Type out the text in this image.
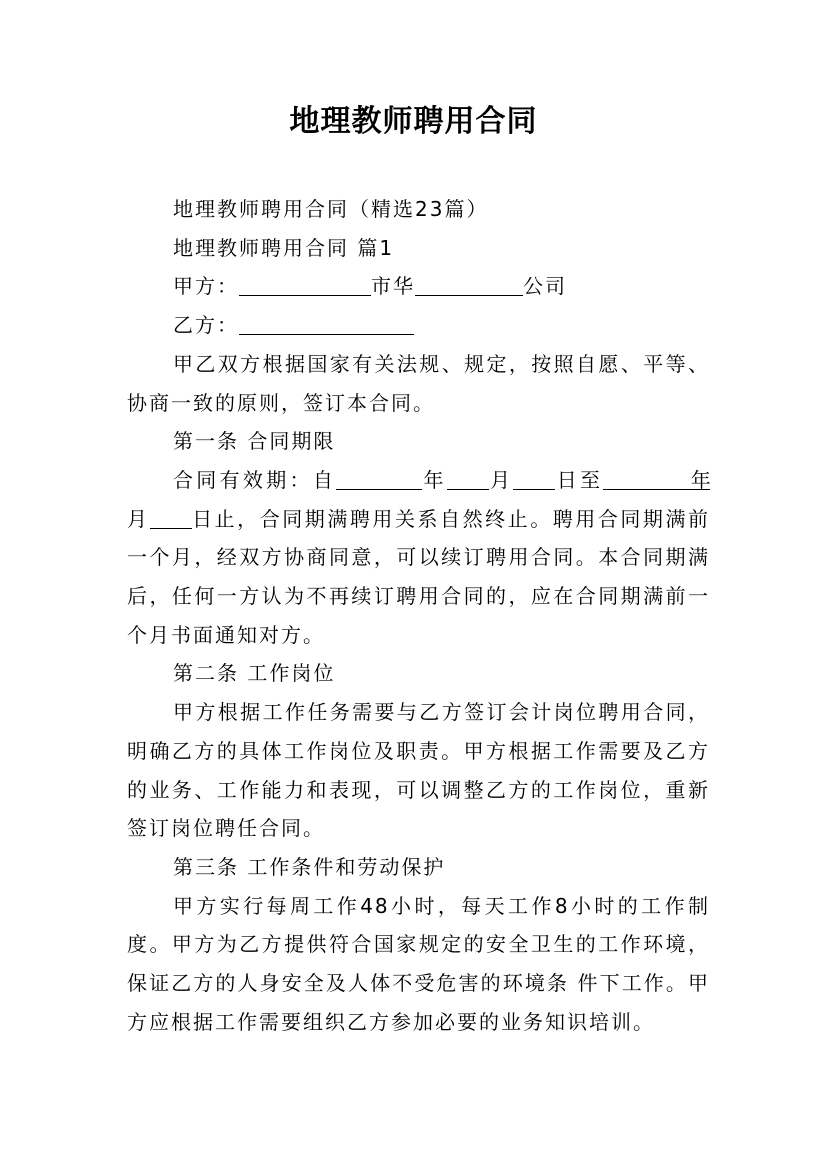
地理教师聘用合同

地理教师聘用合同（精选23篇）

地理教师聘用合同 篇1

甲方：	市华	公司

乙方：

甲乙双方根据国家有关法规、规定，按照自愿、平等、协商一致的原则，签订本合同。

第一条 合同期限

合同有效期：自	年 月 日至	年月 日止，合同期满聘用关系自然终止。聘用合同期满前一个月，经双方协商同意，可以续订聘用合同。本合同期满后，任何一方认为不再续订聘用合同的，应在合同期满前一个月书面通知对方。

第二条 工作岗位

甲方根据工作任务需要与乙方签订会计岗位聘用合同，明确乙方的具体工作岗位及职责。甲方根据工作需要及乙方的业务、工作能力和表现，可以调整乙方的工作岗位，重新签订岗位聘任合同。

第三条 工作条件和劳动保护

甲方实行每周工作48小时，每天工作8小时的工作制度。甲方为乙方提供符合国家规定的安全卫生的工作环境，保证乙方的人身安全及人体不受危害的环境条 件下工作。甲方应根据工作需要组织乙方参加必要的业务知识培训。
